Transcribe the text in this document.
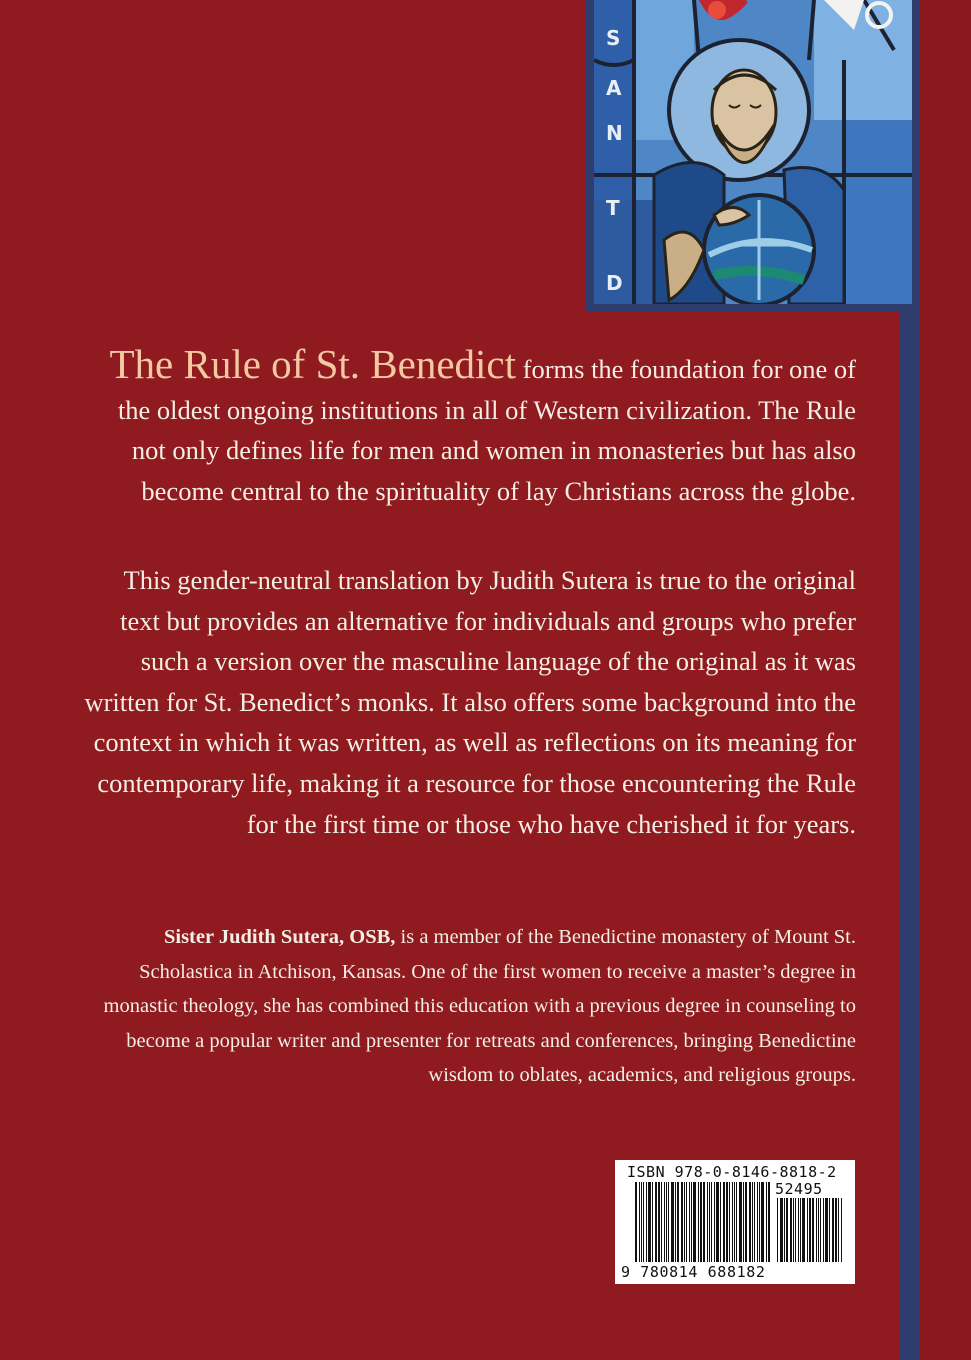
S
A
N
T
D
The Rule of St. Benedict forms the foundation for one of the oldest ongoing institutions in all of Western civilization. The Rule not only defines life for men and women in monasteries but has also become central to the spirituality of lay Christians across the globe.
This gender-neutral translation by Judith Sutera is true to the original text but provides an alternative for individuals and groups who prefer such a version over the masculine language of the original as it was written for St. Benedict’s monks. It also offers some background into the context in which it was written, as well as reflections on its meaning for contemporary life, making it a resource for those encountering the Rule for the first time or those who have cherished it for years.
Sister Judith Sutera, OSB, is a member of the Benedictine monastery of Mount St. Scholastica in Atchison, Kansas. One of the first women to receive a master’s degree in monastic theology, she has combined this education with a previous degree in counseling to become a popular writer and presenter for retreats and conferences, bringing Benedictine wisdom to oblates, academics, and religious groups.
ISBN 978-0-8146-8818-2
52495
9 780814 688182
